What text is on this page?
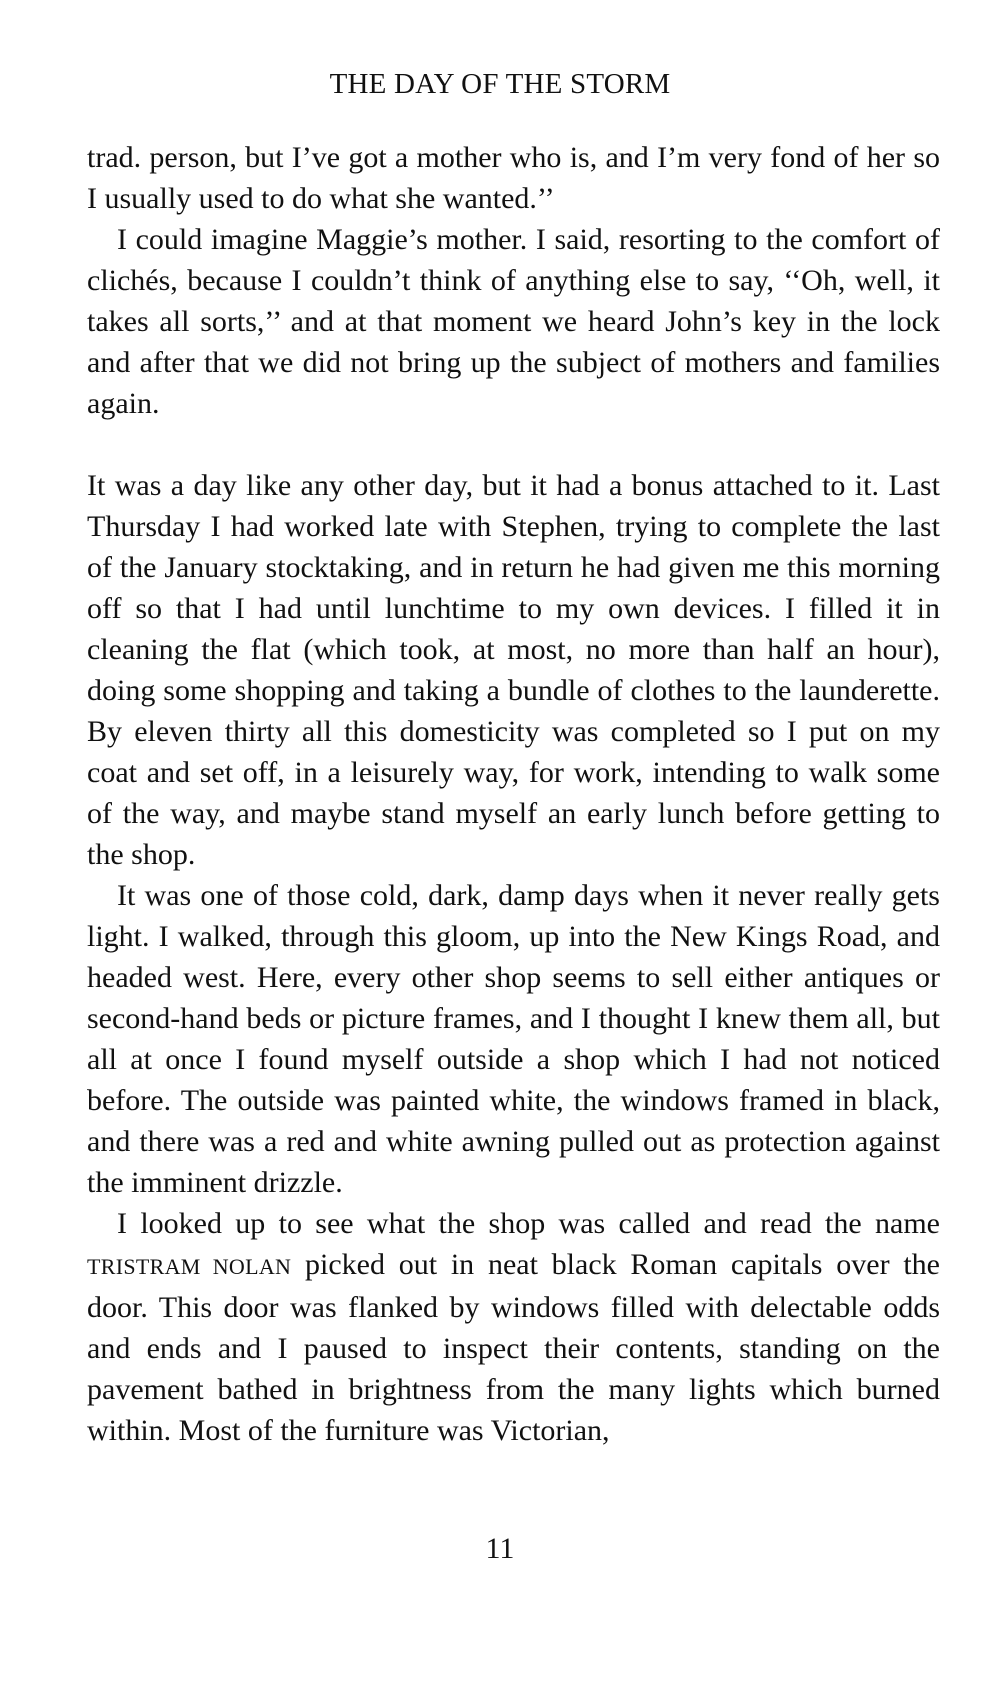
THE DAY OF THE STORM

trad. person, but I’ve got a mother who is, and I’m very fond of her so I usually used to do what she wanted.’’

I could imagine Maggie’s mother. I said, resorting to the comfort of clichés, because I couldn’t think of anything else to say, ‘‘Oh, well, it takes all sorts,’’ and at that moment we heard John’s key in the lock and after that we did not bring up the subject of mothers and families again.

It was a day like any other day, but it had a bonus attached to it. Last Thursday I had worked late with Stephen, trying to complete the last of the January stocktaking, and in return he had given me this morning off so that I had until lunchtime to my own devices. I filled it in cleaning the flat (which took, at most, no more than half an hour), doing some shopping and taking a bundle of clothes to the launderette. By eleven thirty all this domesticity was completed so I put on my coat and set off, in a leisurely way, for work, intending to walk some of the way, and maybe stand myself an early lunch before getting to the shop.

It was one of those cold, dark, damp days when it never really gets light. I walked, through this gloom, up into the New Kings Road, and headed west. Here, every other shop seems to sell either antiques or second-hand beds or picture frames, and I thought I knew them all, but all at once I found myself outside a shop which I had not noticed before. The outside was painted white, the windows framed in black, and there was a red and white awning pulled out as protection against the imminent drizzle.

I looked up to see what the shop was called and read the name TRISTRAM NOLAN picked out in neat black Roman capitals over the door. This door was flanked by windows filled with delectable odds and ends and I paused to inspect their contents, standing on the pavement bathed in brightness from the many lights which burned within. Most of the furniture was Victorian,

11
